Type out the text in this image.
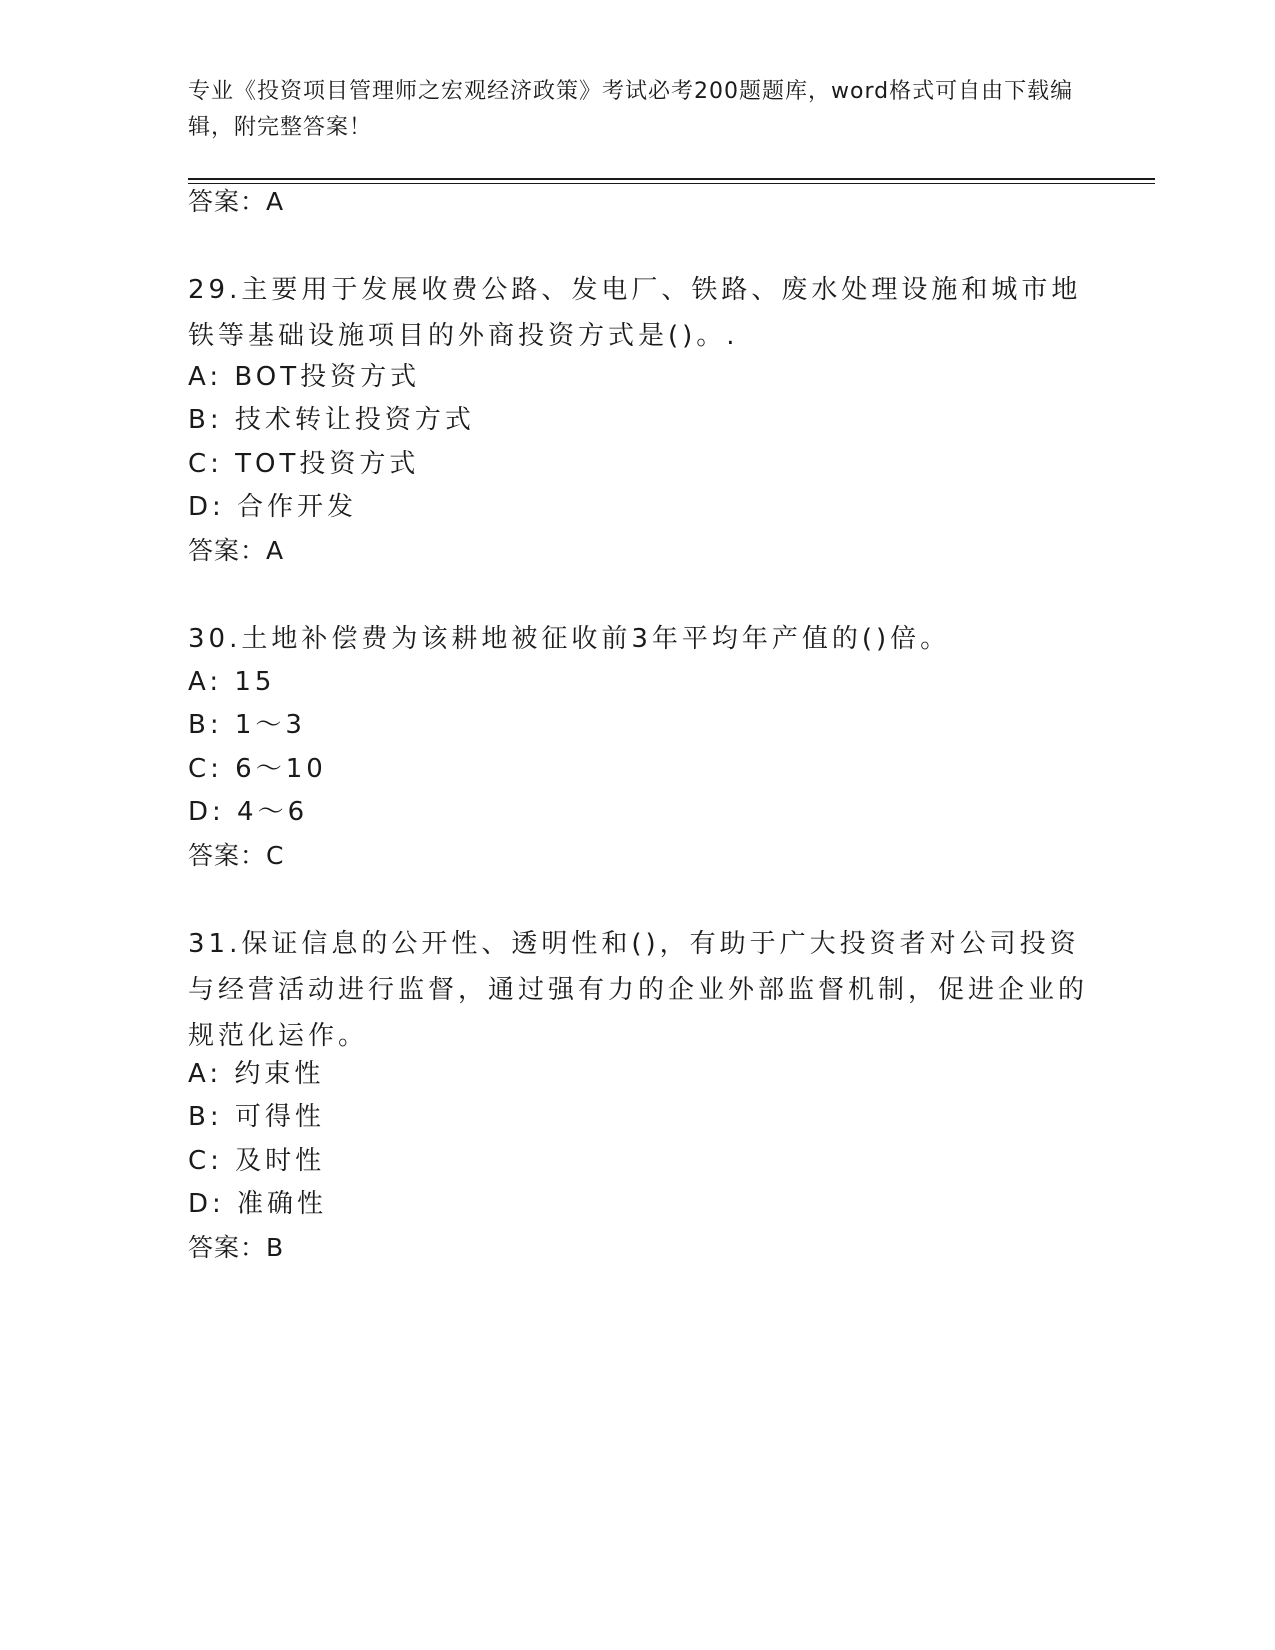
专业《投资项目管理师之宏观经济政策》考试必考200题题库，word格式可自由下载编辑，附完整答案！
答案：A
29.主要用于发展收费公路、发电厂、铁路、废水处理设施和城市地铁等基础设施项目的外商投资方式是()。.
A: BOT投资方式
B: 技术转让投资方式
C: TOT投资方式
D: 合作开发
答案：A
30.土地补偿费为该耕地被征收前3年平均年产值的()倍。
A: 15
B: 1～3
C: 6～10
D: 4～6
答案：C
31.保证信息的公开性、透明性和()，有助于广大投资者对公司投资与经营活动进行监督，通过强有力的企业外部监督机制，促进企业的规范化运作。
A: 约束性
B: 可得性
C: 及时性
D: 准确性
答案：B
